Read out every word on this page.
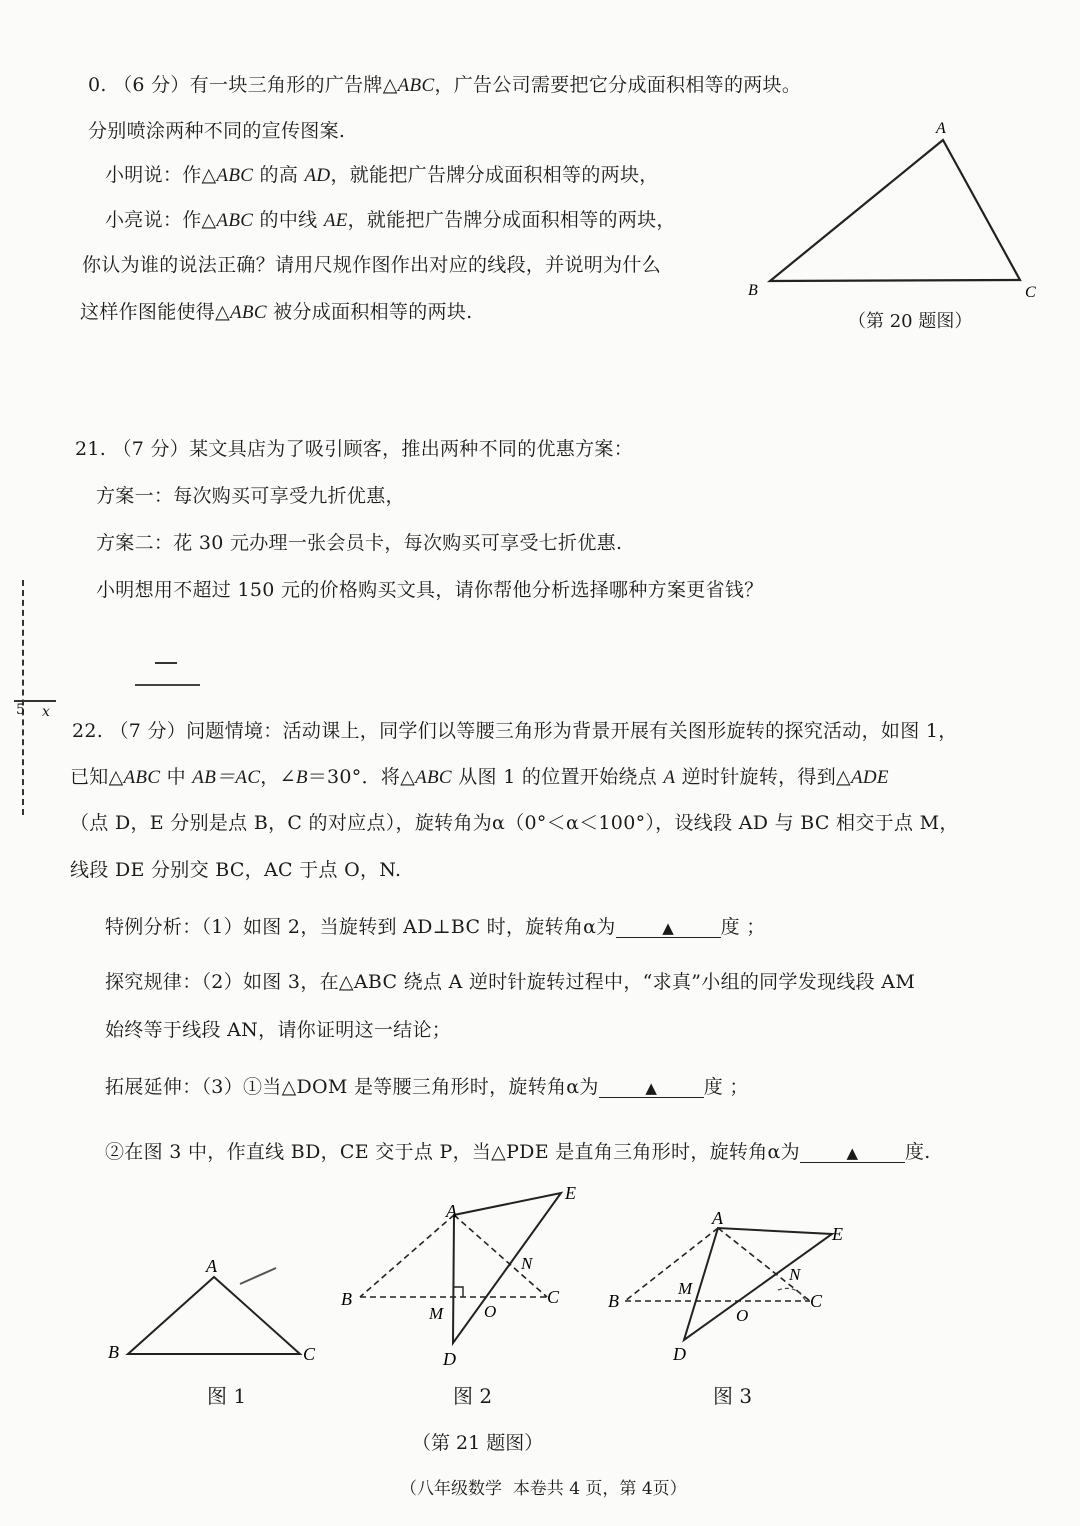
0. （6 分）有一块三角形的广告牌△ABC，广告公司需要把它分成面积相等的两块。
分别喷涂两种不同的宣传图案.
小明说：作△ABC 的高 AD，就能把广告牌分成面积相等的两块，
小亮说：作△ABC 的中线 AE，就能把广告牌分成面积相等的两块，
你认为谁的说法正确？请用尺规作图作出对应的线段，并说明为什么
这样作图能使得△ABC 被分成面积相等的两块.
A
B	C
（第 20 题图）
21. （7 分）某文具店为了吸引顾客，推出两种不同的优惠方案：
方案一：每次购买可享受九折优惠，
方案二：花 30 元办理一张会员卡，每次购买可享受七折优惠.
小明想用不超过 150 元的价格购买文具，请你帮他分析选择哪种方案更省钱？
5 x
22. （7 分）问题情境：活动课上，同学们以等腰三角形为背景开展有关图形旋转的探究活动，如图 1，
已知△ABC 中 AB＝AC，∠B＝30°．将△ABC 从图 1 的位置开始绕点 A 逆时针旋转，得到△ADE
（点 D，E 分别是点 B，C 的对应点），旋转角为α（0°＜α＜100°），设线段 AD 与 BC 相交于点 M，
线段 DE 分别交 BC，AC 于点 O，N.
特例分析：（1）如图 2，当旋转到 AD⊥BC 时，旋转角α为	▲ 度 ；
探究规律：（2）如图 3，在△ABC 绕点 A 逆时针旋转过程中，“求真”小组的同学发现线段 AM
始终等于线段 AN，请你证明这一结论；
拓展延伸：（3）①当△DOM 是等腰三角形时，旋转角α为	▲ 度 ；
②在图 3 中，作直线 BD，CE 交于点 P，当△PDE 是直角三角形时，旋转角α为	▲ 度.
A
B	C
A
E
B	C
N
M O
D
A
E
B	C
M
N
O
D
图 1	图 2	图 3
（第 21 题图）
（八年级数学 本卷共 4 页，第 4页）
